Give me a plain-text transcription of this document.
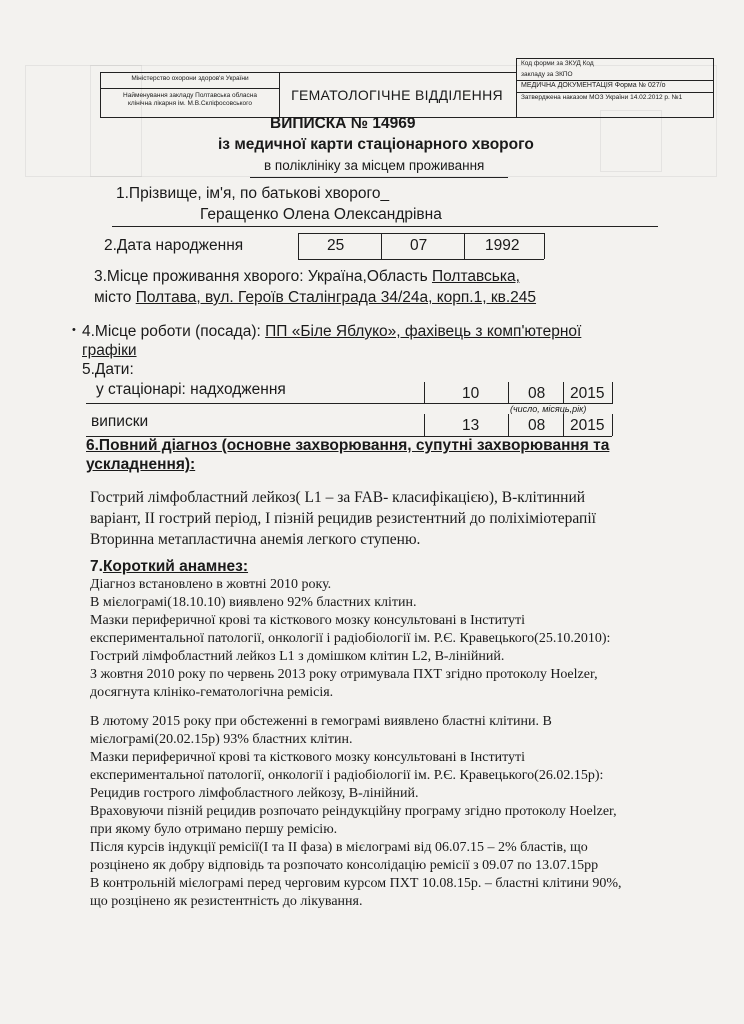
Міністерство охорони здоров'я України
Найменування закладу Полтавська обласна
клінічна лікарня ім. М.В.Скліфосовського
ГЕМАТОЛОГІЧНЕ ВІДДІЛЕННЯ
Код форми за ЗКУД Код
закладу за ЗКПО
МЕДИЧНА ДОКУМЕНТАЦІЯ Форма № 027/о
Затверджена наказом МОЗ України 14.02.2012 р. №1
ВИПИСКА № 14969
із медичної карти стаціонарного хворого
в поліклініку за місцем проживання
1.Прізвище, ім'я, по батькові хворого_
Геращенко Олена Олександрівна
2.Дата народження	25	07	1992
3.Місце проживання хворого: Україна,Область Полтавська,
місто Полтава, вул. Героїв Сталінграда 34/24а, корп.1, кв.245
• 4.Місце роботи (посада): ПП «Біле Яблуко», фахівець з комп'ютерної
графіки
5.Дати:
у стаціонарі: надходження	10	08 2015
(число, місяць,рік)
виписки	13	08 2015
6.Повний діагноз (основне захворювання, супутні захворювання та
ускладнення):
Гострий лімфобластний лейкоз( L1 – за FAB- класифікацією), В-клітинний
варіант, ІІ гострий період, І пізній рецидив резистентний до поліхіміотерапії
Вторинна метапластична анемія легкого ступеню.
7.Короткий анамнез:
Діагноз встановлено в жовтні 2010 року.
В мієлограмі(18.10.10) виявлено 92% бластних клітин.
Мазки периферичної крові та кісткового мозку консультовані в Інституті
експериментальної патології, онкології і радіобіології ім. Р.Є. Кравецького(25.10.2010):
Гострий лімфобластний лейкоз L1 з домішком клітин L2, В-лінійний.
З жовтня 2010 року по червень 2013 року отримувала ПХТ згідно протоколу Hoelzer,
досягнута клініко-гематологічна ремісія.
В лютому 2015 року при обстеженні в гемограмі виявлено бластні клітини. В
мієлограмі(20.02.15р) 93% бластних клітин.
Мазки периферичної крові та кісткового мозку консультовані в Інституті
експериментальної патології, онкології і радіобіології ім. Р.Є. Кравецького(26.02.15р):
Рецидив гострого лімфобластного лейкозу, В-лінійний.
Враховуючи пізній рецидив розпочато реіндукційну програму згідно протоколу Hoelzer,
при якому було отримано першу ремісію.
Після курсів індукції ремісії(І та ІІ фаза) в мієлограмі від 06.07.15 – 2% бластів, що
розцінено як добру відповідь та розпочато консолідацію ремісії з 09.07 по 13.07.15рр
В контрольній мієлограмі перед черговим курсом ПХТ 10.08.15р. – бластні клітини 90%,
що розцінено як резистентність до лікування.
